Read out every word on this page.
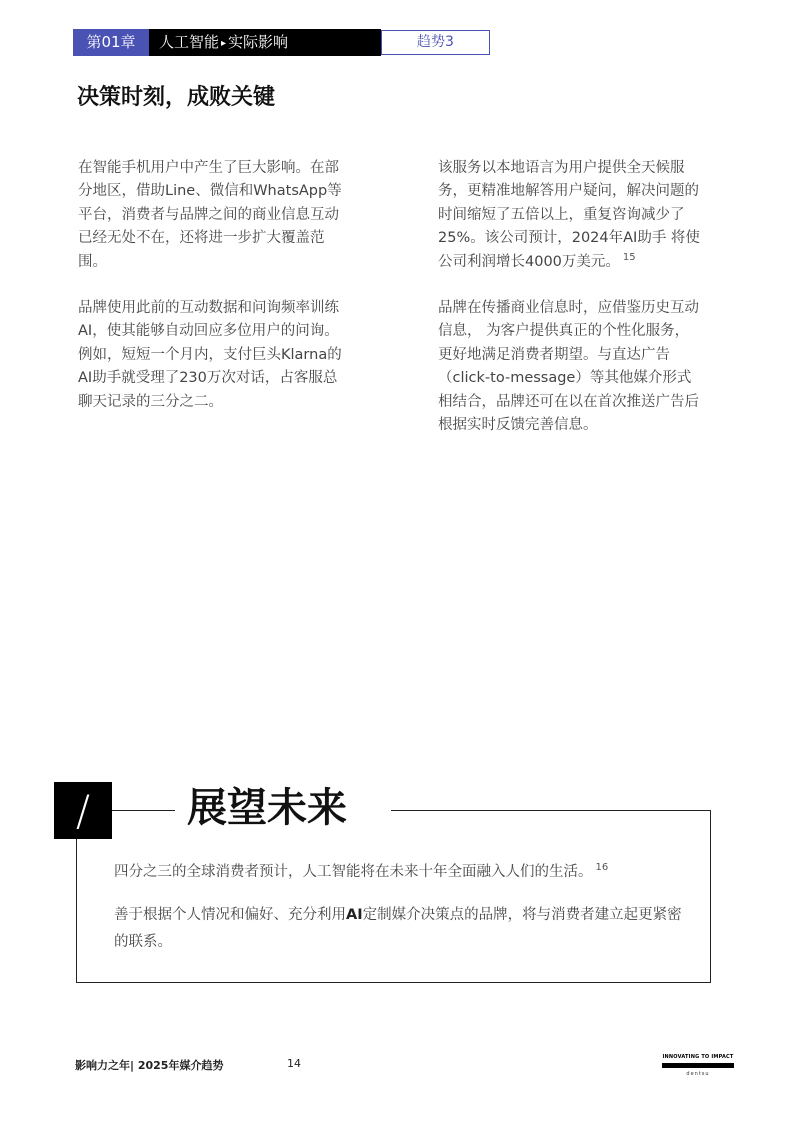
第01章	人工智能 ▸ 实际影响	趋势3
决策时刻，成败关键

在智能手机用户中产生了巨大影响。在部分地区，借助Line、微信和WhatsApp等平台，消费者与品牌之间的商业信息互动已经无处不在，还将进一步扩大覆盖范围。

品牌使用此前的互动数据和问询频率训练AI，使其能够自动回应多位用户的问询。例如，短短一个月内，支付巨头Klarna的AI助手就受理了230万次对话，占客服总聊天记录的三分之二。

该服务以本地语言为用户提供全天候服务，更精准地解答用户疑问，解决问题的时间缩短了五倍以上，重复咨询减少了25%。该公司预计，2024年AI助手 将使公司利润增长4000万美元。 $^{15}$

品牌在传播商业信息时，应借鉴历史互动信息， 为客户提供真正的个性化服务，更好地满足消费者期望。与直达广告（click-to-message）等其他媒介形式相结合，品牌还可在以在首次推送广告后根据实时反馈完善信息。

/	展望未来
四分之三的全球消费者预计，人工智能将在未来十年全面融入人们的生活。 $^{16}$
善于根据个人情况和偏好、充分利用AI定制媒介决策点的品牌，将与消费者建立起更紧密的联系。
影响力之年| 2025年媒介趋势	14	INNOVATING TO IMPACT
dentsu
